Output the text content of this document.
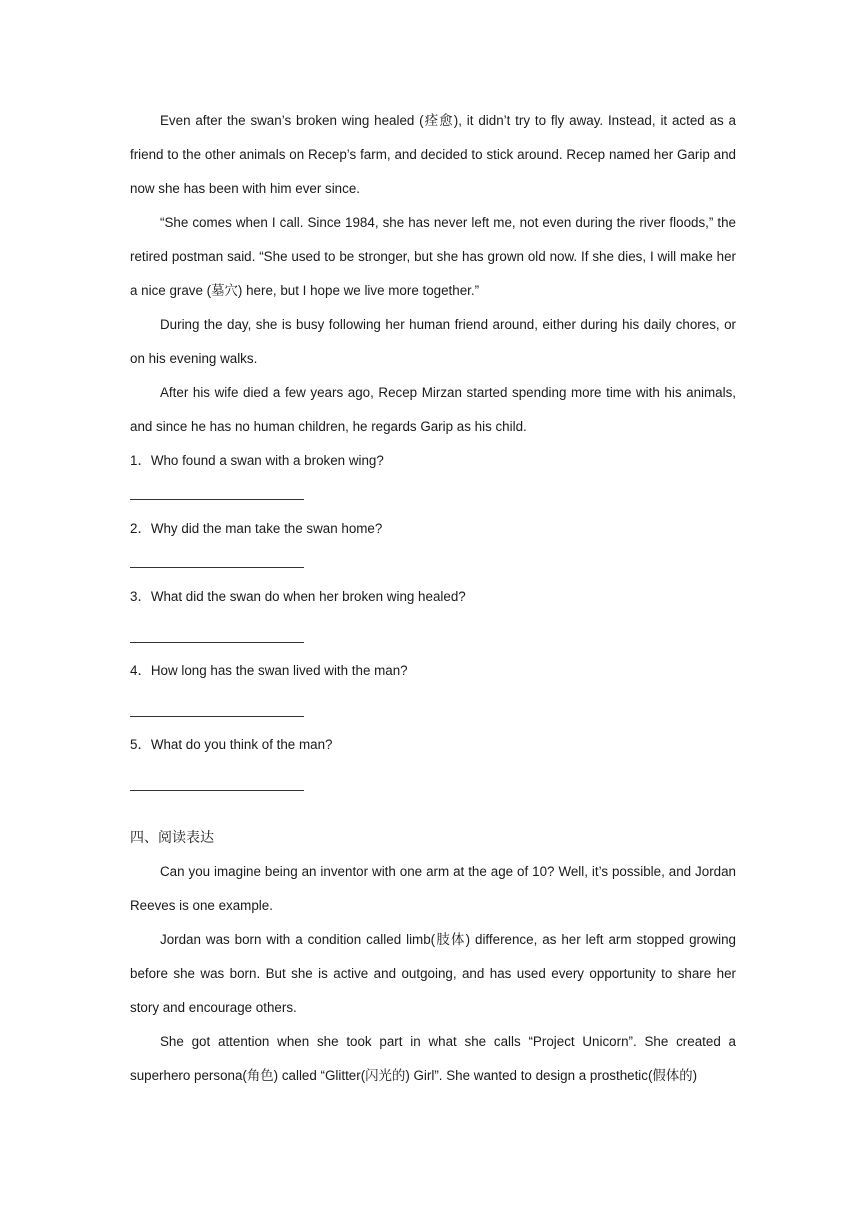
Even after the swan’s broken wing healed (痊愈), it didn’t try to fly away. Instead, it acted as a friend to the other animals on Recep’s farm, and decided to stick around. Recep named her Garip and now she has been with him ever since.

“She comes when I call. Since 1984, she has never left me, not even during the river floods,” the retired postman said. “She used to be stronger, but she has grown old now. If she dies, I will make her a nice grave (墓穴) here, but I hope we live more together.”

During the day, she is busy following her human friend around, either during his daily chores, or on his evening walks.

After his wife died a few years ago, Recep Mirzan started spending more time with his animals, and since he has no human children, he regards Garip as his child.

1．Who found a swan with a broken wing?

2．Why did the man take the swan home?

3．What did the swan do when her broken wing healed?

4．How long has the swan lived with the man?

5．What do you think of the man?

四、阅读表达

Can you imagine being an inventor with one arm at the age of 10? Well, it’s possible, and Jordan Reeves is one example.

Jordan was born with a condition called limb(肢体) difference, as her left arm stopped growing before she was born. But she is active and outgoing, and has used every opportunity to share her story and encourage others.

She got attention when she took part in what she calls “Project Unicorn”. She created a superhero persona(角色) called “Glitter(闪光的) Girl”. She wanted to design a prosthetic(假体的)
